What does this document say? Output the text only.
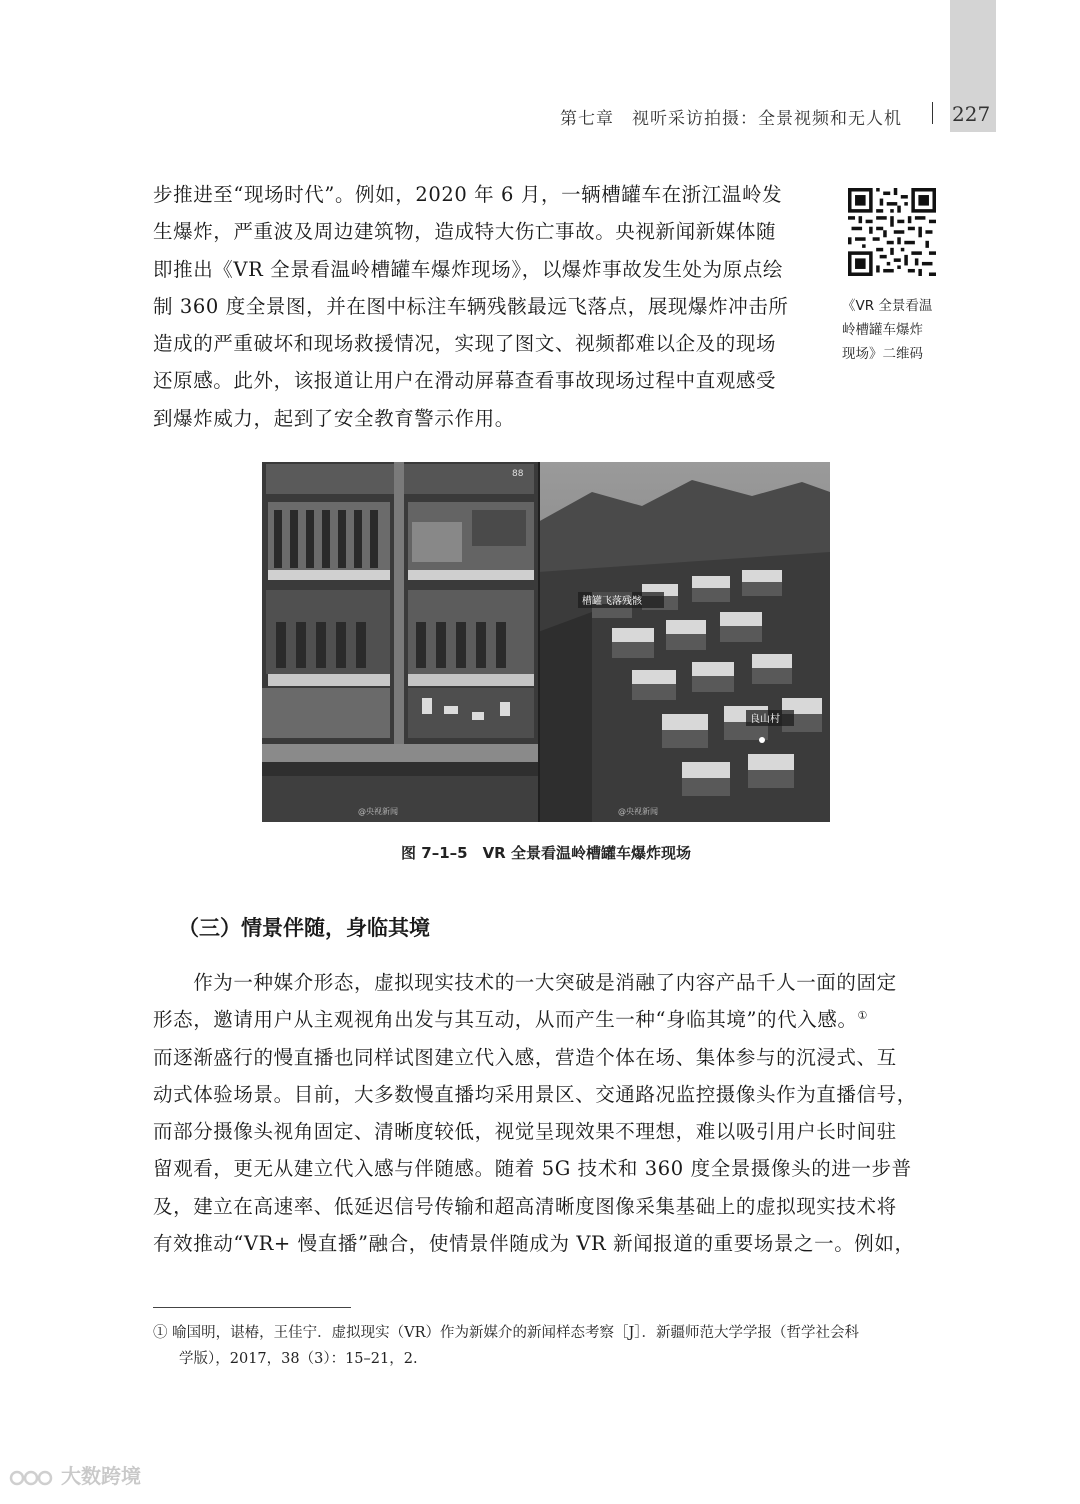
第七章　视听采访拍摄：全景视频和无人机	227
步推进至“现场时代”。例如，2020 年 6 月，一辆槽罐车在浙江温岭发
生爆炸，严重波及周边建筑物，造成特大伤亡事故。央视新闻新媒体随
即推出《VR 全景看温岭槽罐车爆炸现场》，以爆炸事故发生处为原点绘
制 360 度全景图，并在图中标注车辆残骸最远飞落点，展现爆炸冲击所
造成的严重破坏和现场救援情况，实现了图文、视频都难以企及的现场
还原感。此外，该报道让用户在滑动屏幕查看事故现场过程中直观感受
到爆炸威力，起到了安全教育警示作用。
《VR 全景看温
岭槽罐车爆炸
现场》二维码
槽罐飞落残骸
良山村
88
@央视新闻	@央视新闻
图 7–1–5　VR 全景看温岭槽罐车爆炸现场
（三）情景伴随，身临其境
　　作为一种媒介形态，虚拟现实技术的一大突破是消融了内容产品千人一面的固定
形态，邀请用户从主观视角出发与其互动，从而产生一种“身临其境”的代入感。①
而逐渐盛行的慢直播也同样试图建立代入感，营造个体在场、集体参与的沉浸式、互
动式体验场景。目前，大多数慢直播均采用景区、交通路况监控摄像头作为直播信号，
而部分摄像头视角固定、清晰度较低，视觉呈现效果不理想，难以吸引用户长时间驻
留观看，更无从建立代入感与伴随感。随着 5G 技术和 360 度全景摄像头的进一步普
及，建立在高速率、低延迟信号传输和超高清晰度图像采集基础上的虚拟现实技术将
有效推动“VR+ 慢直播”融合，使情景伴随成为 VR 新闻报道的重要场景之一。例如，
① 喻国明，谌椿，王佳宁．虚拟现实（VR）作为新媒介的新闻样态考察［J］．新疆师范大学学报（哲学社会科
学版），2017，38（3）：15–21，2.
大数跨境
